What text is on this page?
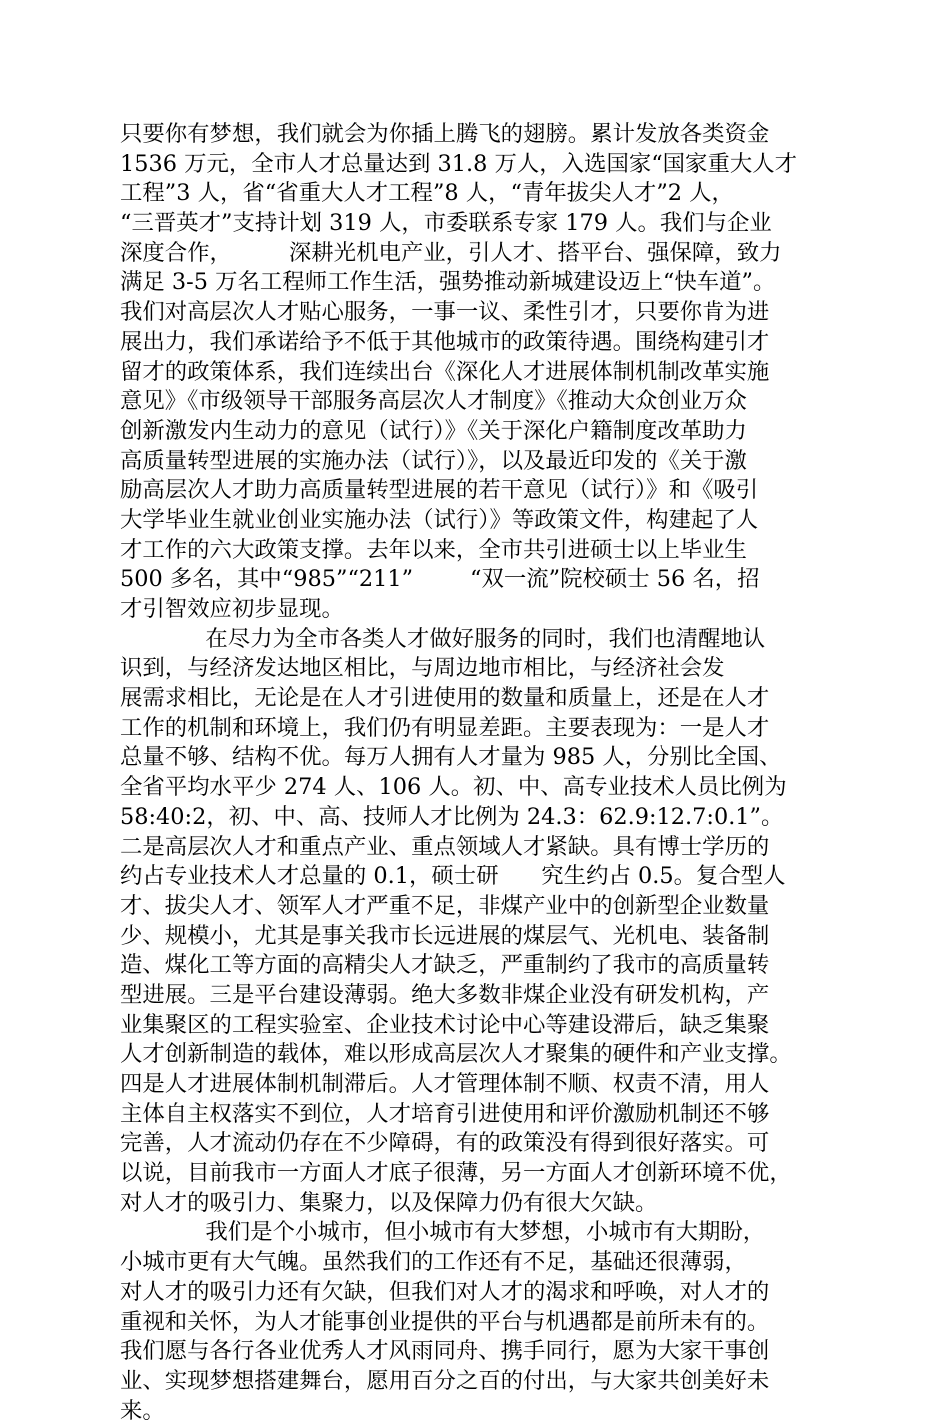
只要你有梦想，我们就会为你插上腾飞的翅膀。累计发放各类资金
1536 万元，全市人才总量达到 31.8 万人，入选国家“国家重大人才
工程”3 人，省“省重大人才工程”8 人，“青年拔尖人才”2 人，
“三晋英才”支持计划 319 人，市委联系专家 179 人。我们与企业
深度合作，        深耕光机电产业，引人才、搭平台、强保障，致力
满足 3-5 万名工程师工作生活，强势推动新城建设迈上“快车道”。
我们对高层次人才贴心服务，一事一议、柔性引才，只要你肯为进
展出力，我们承诺给予不低于其他城市的政策待遇。围绕构建引才
留才的政策体系，我们连续出台《深化人才进展体制机制改革实施
意见》《市级领导干部服务高层次人才制度》《推动大众创业万众
创新激发内生动力的意见（试行）》《关于深化户籍制度改革助力
高质量转型进展的实施办法（试行）》，以及最近印发的《关于激
励高层次人才助力高质量转型进展的若干意见（试行）》和《吸引
大学毕业生就业创业实施办法（试行）》等政策文件，构建起了人
才工作的六大政策支撑。去年以来，全市共引进硕士以上毕业生
500 多名，其中“985”“211”        “双一流”院校硕士 56 名，招
才引智效应初步显现。
在尽力为全市各类人才做好服务的同时，我们也清醒地认
识到，与经济发达地区相比，与周边地市相比，与经济社会发
展需求相比，无论是在人才引进使用的数量和质量上，还是在人才
工作的机制和环境上，我们仍有明显差距。主要表现为：一是人才
总量不够、结构不优。每万人拥有人才量为 985 人，分别比全国、
全省平均水平少 274 人、106 人。初、中、高专业技术人员比例为
58:40:2，初、中、高、技师人才比例为 24.3：62.9:12.7:0.1”。
二是高层次人才和重点产业、重点领域人才紧缺。具有博士学历的
约占专业技术人才总量的 0.1，硕士研      究生约占 0.5。复合型人
才、拔尖人才、领军人才严重不足，非煤产业中的创新型企业数量
少、规模小，尤其是事关我市长远进展的煤层气、光机电、装备制
造、煤化工等方面的高精尖人才缺乏，严重制约了我市的高质量转
型进展。三是平台建设薄弱。绝大多数非煤企业没有研发机构，产
业集聚区的工程实验室、企业技术讨论中心等建设滞后，缺乏集聚
人才创新制造的载体，难以形成高层次人才聚集的硬件和产业支撑。
四是人才进展体制机制滞后。人才管理体制不顺、权责不清，用人
主体自主权落实不到位，人才培育引进使用和评价激励机制还不够
完善，人才流动仍存在不少障碍，有的政策没有得到很好落实。可
以说，目前我市一方面人才底子很薄，另一方面人才创新环境不优，
对人才的吸引力、集聚力，以及保障力仍有很大欠缺。
我们是个小城市，但小城市有大梦想，小城市有大期盼，
小城市更有大气魄。虽然我们的工作还有不足，基础还很薄弱，
对人才的吸引力还有欠缺，但我们对人才的渴求和呼唤，对人才的
重视和关怀，为人才能事创业提供的平台与机遇都是前所未有的。
我们愿与各行各业优秀人才风雨同舟、携手同行，愿为大家干事创
业、实现梦想搭建舞台，愿用百分之百的付出，与大家共创美好未
来。
